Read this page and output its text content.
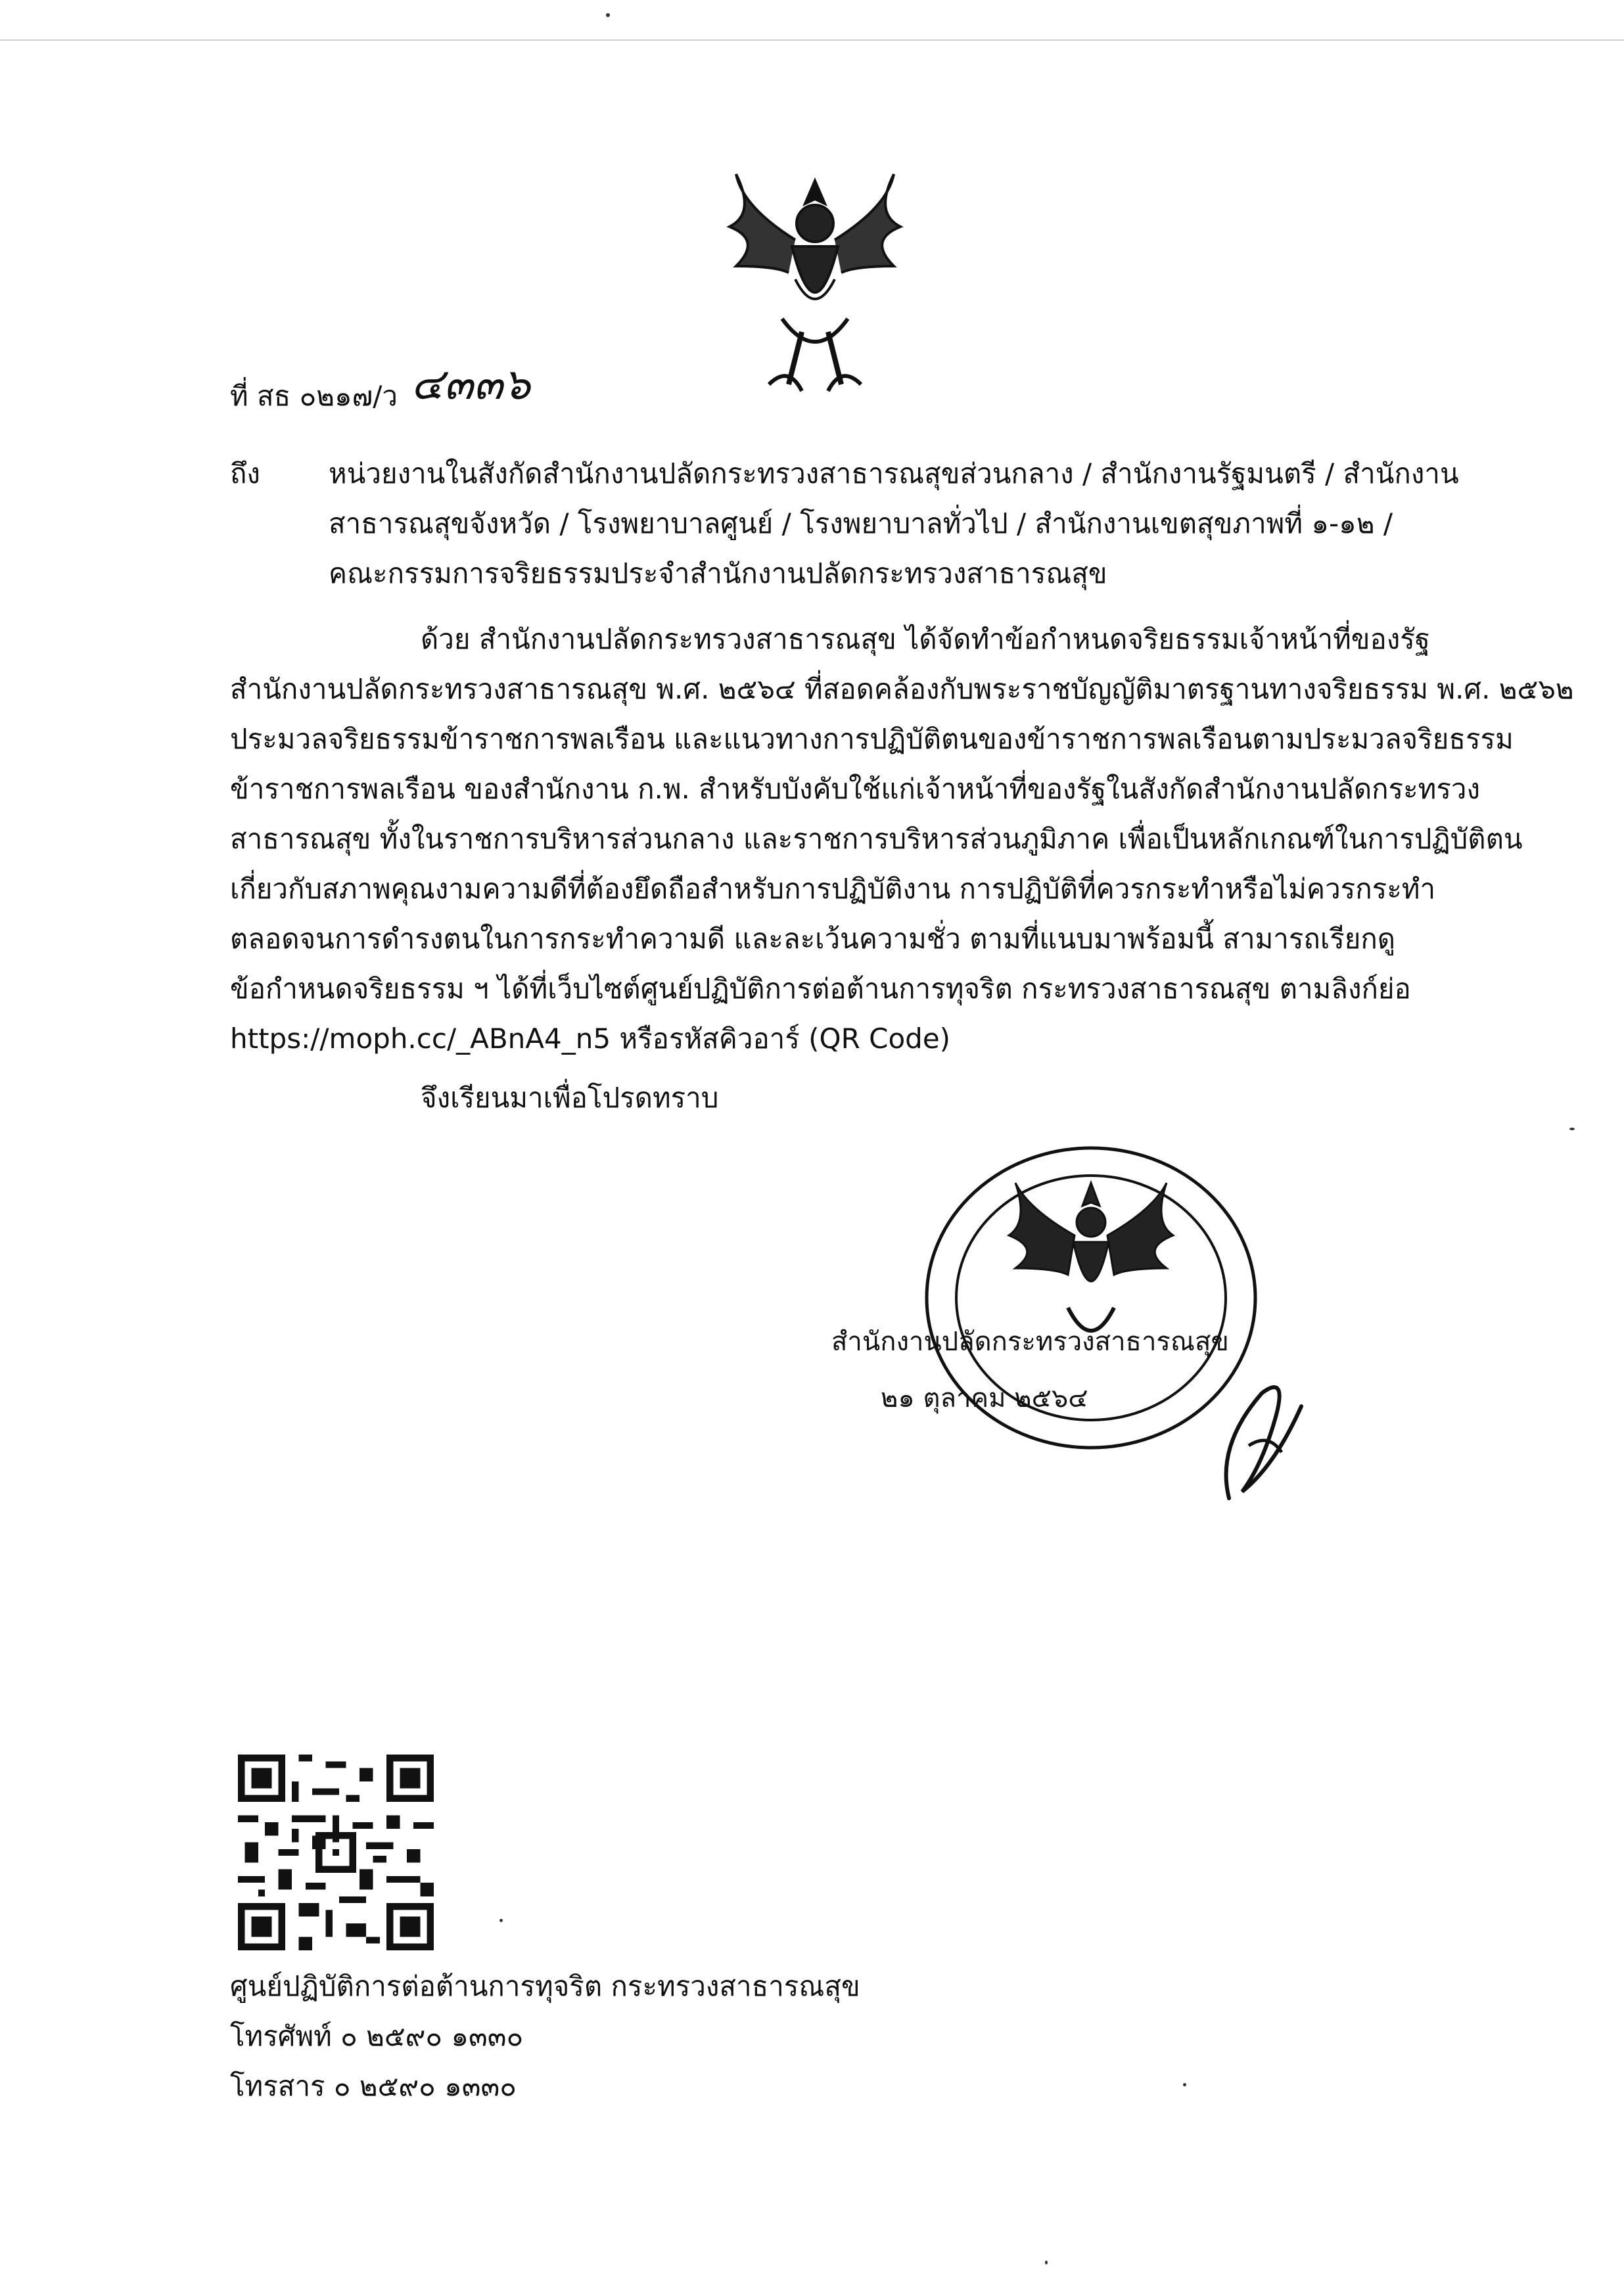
ที่ สธ ๐๒๑๗/ว ๔๓๓๖
ถึง หน่วยงานในสังกัดสำนักงานปลัดกระทรวงสาธารณสุขส่วนกลาง / สำนักงานรัฐมนตรี / สำนักงาน
สาธารณสุขจังหวัด / โรงพยาบาลศูนย์ / โรงพยาบาลทั่วไป / สำนักงานเขตสุขภาพที่ ๑-๑๒ /
คณะกรรมการจริยธรรมประจำสำนักงานปลัดกระทรวงสาธารณสุข
ด้วย สำนักงานปลัดกระทรวงสาธารณสุข ได้จัดทำข้อกำหนดจริยธรรมเจ้าหน้าที่ของรัฐ
สำนักงานปลัดกระทรวงสาธารณสุข พ.ศ. ๒๕๖๔ ที่สอดคล้องกับพระราชบัญญัติมาตรฐานทางจริยธรรม พ.ศ. ๒๕๖๒
ประมวลจริยธรรมข้าราชการพลเรือน และแนวทางการปฏิบัติตนของข้าราชการพลเรือนตามประมวลจริยธรรม
ข้าราชการพลเรือน ของสำนักงาน ก.พ. สำหรับบังคับใช้แก่เจ้าหน้าที่ของรัฐในสังกัดสำนักงานปลัดกระทรวง
สาธารณสุข ทั้งในราชการบริหารส่วนกลาง และราชการบริหารส่วนภูมิภาค เพื่อเป็นหลักเกณฑ์ในการปฏิบัติตน
เกี่ยวกับสภาพคุณงามความดีที่ต้องยึดถือสำหรับการปฏิบัติงาน การปฏิบัติที่ควรกระทำหรือไม่ควรกระทำ
ตลอดจนการดำรงตนในการกระทำความดี และละเว้นความชั่ว ตามที่แนบมาพร้อมนี้ สามารถเรียกดู
ข้อกำหนดจริยธรรม ฯ ได้ที่เว็บไซต์ศูนย์ปฏิบัติการต่อต้านการทุจริต กระทรวงสาธารณสุข ตามลิงก์ย่อ
https://moph.cc/_ABnA4_n5 หรือรหัสคิวอาร์ (QR Code)
จึงเรียนมาเพื่อโปรดทราบ
สำนักงานปลัดกระทรวงสาธารณสุข
๒๑ ตุลาคม ๒๕๖๔
ศูนย์ปฏิบัติการต่อต้านการทุจริต กระทรวงสาธารณสุข
โทรศัพท์ ๐ ๒๕๙๐ ๑๓๓๐
โทรสาร ๐ ๒๕๙๐ ๑๓๓๐
